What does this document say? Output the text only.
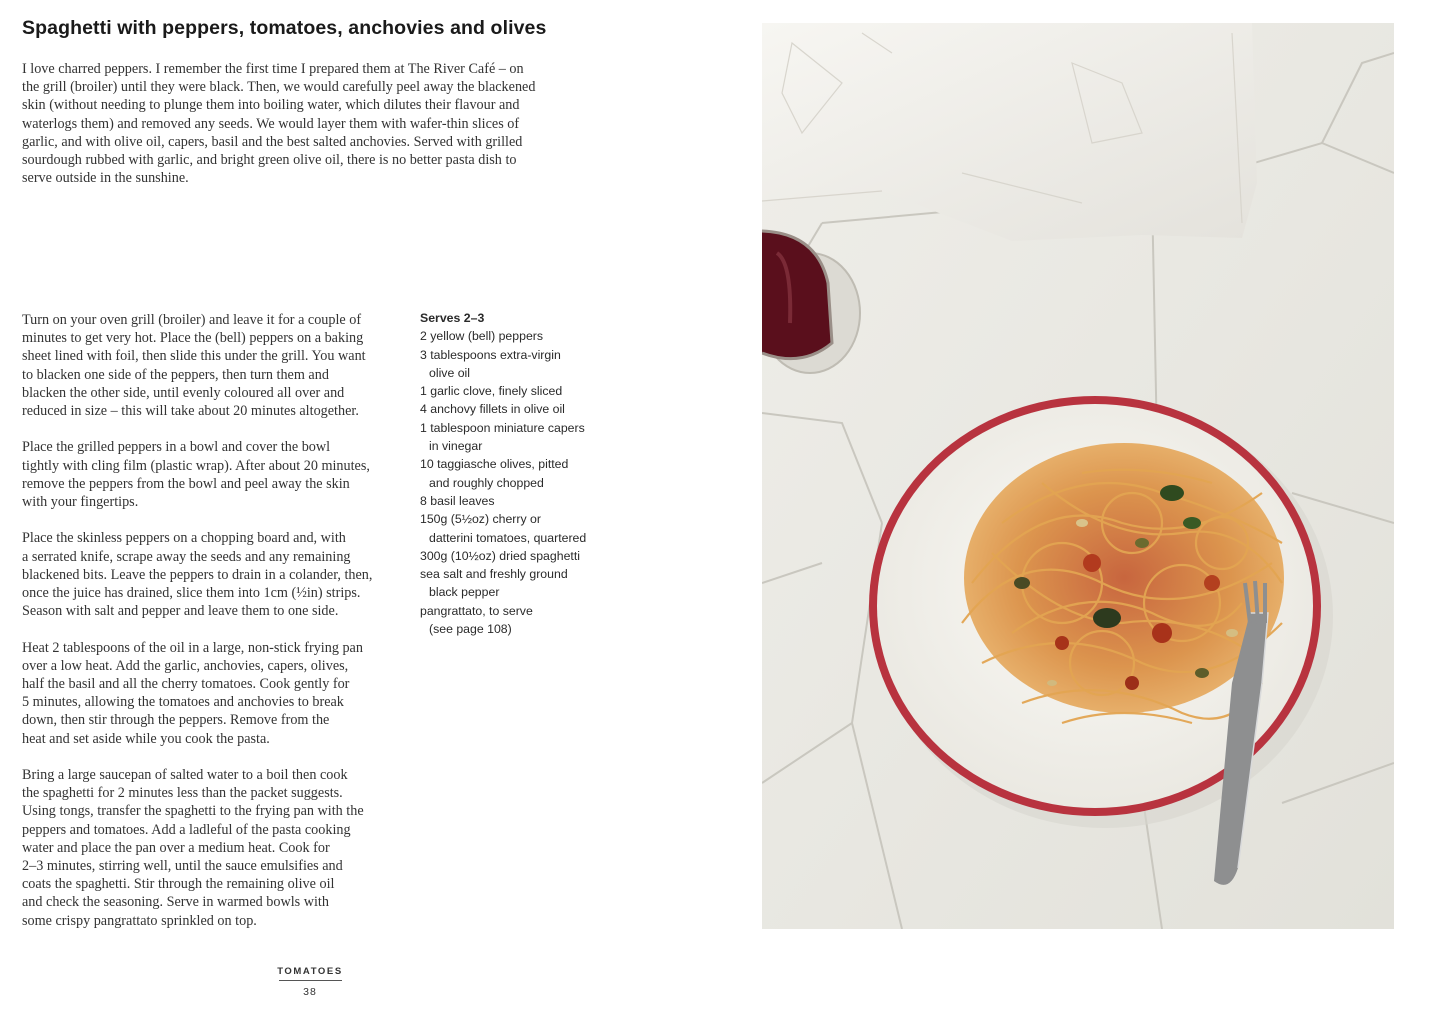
Spaghetti with peppers, tomatoes, anchovies and olives
I love charred peppers. I remember the first time I prepared them at The River Café – on
the grill (broiler) until they were black. Then, we would carefully peel away the blackened
skin (without needing to plunge them into boiling water, which dilutes their flavour and
waterlogs them) and removed any seeds. We would layer them with wafer-thin slices of
garlic, and with olive oil, capers, basil and the best salted anchovies. Served with grilled
sourdough rubbed with garlic, and bright green olive oil, there is no better pasta dish to
serve outside in the sunshine.

Turn on your oven grill (broiler) and leave it for a couple of
minutes to get very hot. Place the (bell) peppers on a baking
sheet lined with foil, then slide this under the grill. You want
to blacken one side of the peppers, then turn them and
blacken the other side, until evenly coloured all over and
reduced in size – this will take about 20 minutes altogether.

Place the grilled peppers in a bowl and cover the bowl
tightly with cling film (plastic wrap). After about 20 minutes,
remove the peppers from the bowl and peel away the skin
with your fingertips.

Place the skinless peppers on a chopping board and, with
a serrated knife, scrape away the seeds and any remaining
blackened bits. Leave the peppers to drain in a colander, then,
once the juice has drained, slice them into 1cm (½in) strips.
Season with salt and pepper and leave them to one side.

Heat 2 tablespoons of the oil in a large, non-stick frying pan
over a low heat. Add the garlic, anchovies, capers, olives,
half the basil and all the cherry tomatoes. Cook gently for
5 minutes, allowing the tomatoes and anchovies to break
down, then stir through the peppers. Remove from the
heat and set aside while you cook the pasta.

Bring a large saucepan of salted water to a boil then cook
the spaghetti for 2 minutes less than the packet suggests.
Using tongs, transfer the spaghetti to the frying pan with the
peppers and tomatoes. Add a ladleful of the pasta cooking
water and place the pan over a medium heat. Cook for
2–3 minutes, stirring well, until the sauce emulsifies and
coats the spaghetti. Stir through the remaining olive oil
and check the seasoning. Serve in warmed bowls with
some crispy pangrattato sprinkled on top.

Serves 2–3
2 yellow (bell) peppers
3 tablespoons extra-virgin
olive oil
1 garlic clove, finely sliced
4 anchovy fillets in olive oil
1 tablespoon miniature capers
in vinegar
10 taggiasche olives, pitted
and roughly chopped
8 basil leaves
150g (5½oz) cherry or
datterini tomatoes, quartered
300g (10½oz) dried spaghetti
sea salt and freshly ground
black pepper
pangrattato, to serve
(see page 108)
TOMATOES
38
